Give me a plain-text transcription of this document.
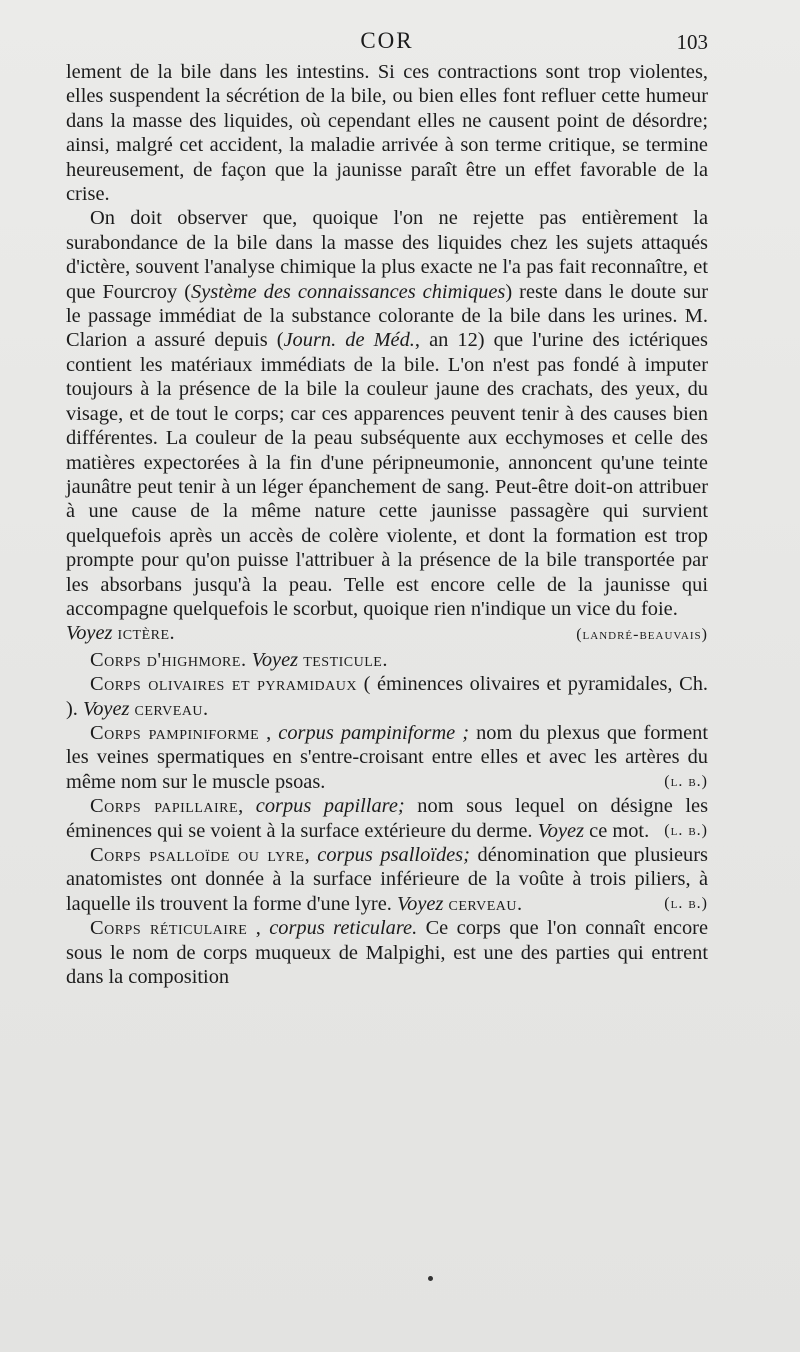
COR	103

lement de la bile dans les intestins. Si ces contractions sont trop violentes, elles suspendent la sécrétion de la bile, ou bien elles font refluer cette humeur dans la masse des liquides, où cependant elles ne causent point de désordre; ainsi, malgré cet accident, la maladie arrivée à son terme critique, se termine heureusement, de façon que la jaunisse paraît être un effet favorable de la crise.

On doit observer que, quoique l'on ne rejette pas entièrement la surabondance de la bile dans la masse des liquides chez les sujets attaqués d'ictère, souvent l'analyse chimique la plus exacte ne l'a pas fait reconnaître, et que Fourcroy (Système des connaissances chimiques) reste dans le doute sur le passage immédiat de la substance colorante de la bile dans les urines. M. Clarion a assuré depuis (Journ. de Méd., an 12) que l'urine des ictériques contient les matériaux immédiats de la bile. L'on n'est pas fondé à imputer toujours à la présence de la bile la couleur jaune des crachats, des yeux, du visage, et de tout le corps; car ces apparences peuvent tenir à des causes bien différentes. La couleur de la peau subséquente aux ecchymoses et celle des matières expectorées à la fin d'une péripneumonie, annoncent qu'une teinte jaunâtre peut tenir à un léger épanchement de sang. Peut-être doit-on attribuer à une cause de la même nature cette jaunisse passagère qui survient quelquefois après un accès de colère violente, et dont la formation est trop prompte pour qu'on puisse l'attribuer à la présence de la bile transportée par les absorbans jusqu'à la peau. Telle est encore celle de la jaunisse qui accompagne quelquefois le scorbut, quoique rien n'indique un vice du foie.

Voyez ictère.	(landré-beauvais)

Corps d'highmore. Voyez testicule.

Corps olivaires et pyramidaux ( éminences olivaires et pyramidales, Ch. ). Voyez cerveau.

Corps pampiniforme , corpus pampiniforme ; nom du plexus que forment les veines spermatiques en s'entre-croisant entre elles et avec les artères du même nom sur le muscle psoas.	(l. b.)

Corps papillaire, corpus papillare; nom sous lequel on désigne les éminences qui se voient à la surface extérieure du derme. Voyez ce mot. (l. b.)

Corps psalloïde ou lyre, corpus psalloïdes; dénomination que plusieurs anatomistes ont donnée à la surface inférieure de la voûte à trois piliers, à laquelle ils trouvent la forme d'une lyre. Voyez cerveau.	(l. b.)

Corps réticulaire , corpus reticulare. Ce corps que l'on connaît encore sous le nom de corps muqueux de Malpighi, est une des parties qui entrent dans la composition
